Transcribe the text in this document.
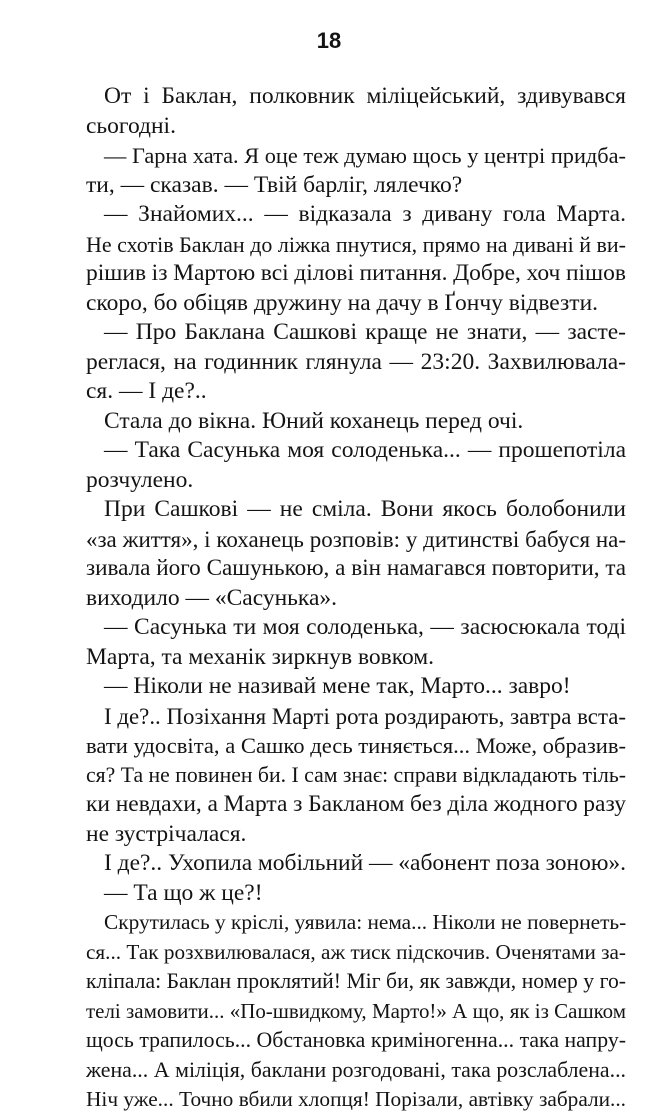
18
От і Баклан, полковник міліцейський, здивувався
сьогодні.
— Гарна хата. Я оце теж думаю щось у центрі придба-
ти, — сказав. — Твій барліг, лялечко?
— Знайомих... — відказала з дивану гола Марта.
Не схотів Баклан до ліжка пнутися, прямо на дивані й ви-
рішив із Мартою всі ділові питання. Добре, хоч пішов
скоро, бо обіцяв дружину на дачу в Ґончу відвезти.
— Про Баклана Сашкові краще не знати, — засте-
реглася, на годинник глянула — 23:20. Захвилювала-
ся. — І де?..
Стала до вікна. Юний коханець перед очі.
— Така Сасунька моя солоденька... — прошепотіла
розчулено.
При Сашкові — не сміла. Вони якось болобонили
«за життя», і коханець розповів: у дитинстві бабуся на-
зивала його Сашунькою, а він намагався повторити, та
виходило — «Сасунька».
— Сасунька ти моя солоденька, — засюсюкала тоді
Марта, та механік зиркнув вовком.
— Ніколи не називай мене так, Марто... завро!
І де?.. Позіхання Марті рота роздирають, завтра вста-
вати удосвіта, а Сашко десь тиняється... Може, образив-
ся? Та не повинен би. І сам знає: справи відкладають тіль-
ки невдахи, а Марта з Бакланом без діла жодного разу
не зустрічалася.
І де?.. Ухопила мобільний — «абонент поза зоною».
— Та що ж це?!
Скрутилась у кріслі, уявила: нема... Ніколи не повернеть-
ся... Так розхвилювалася, аж тиск підскочив. Оченятами за-
кліпала: Баклан проклятий! Міг би, як завжди, номер у го-
телі замовити... «По-швидкому, Марто!» А що, як із Сашком
щось трапилось... Обстановка криміногенна... така напру-
жена... А міліція, баклани розгодовані, така розслаблена...
Ніч уже... Точно вбили хлопця! Порізали, автівку забрали...
